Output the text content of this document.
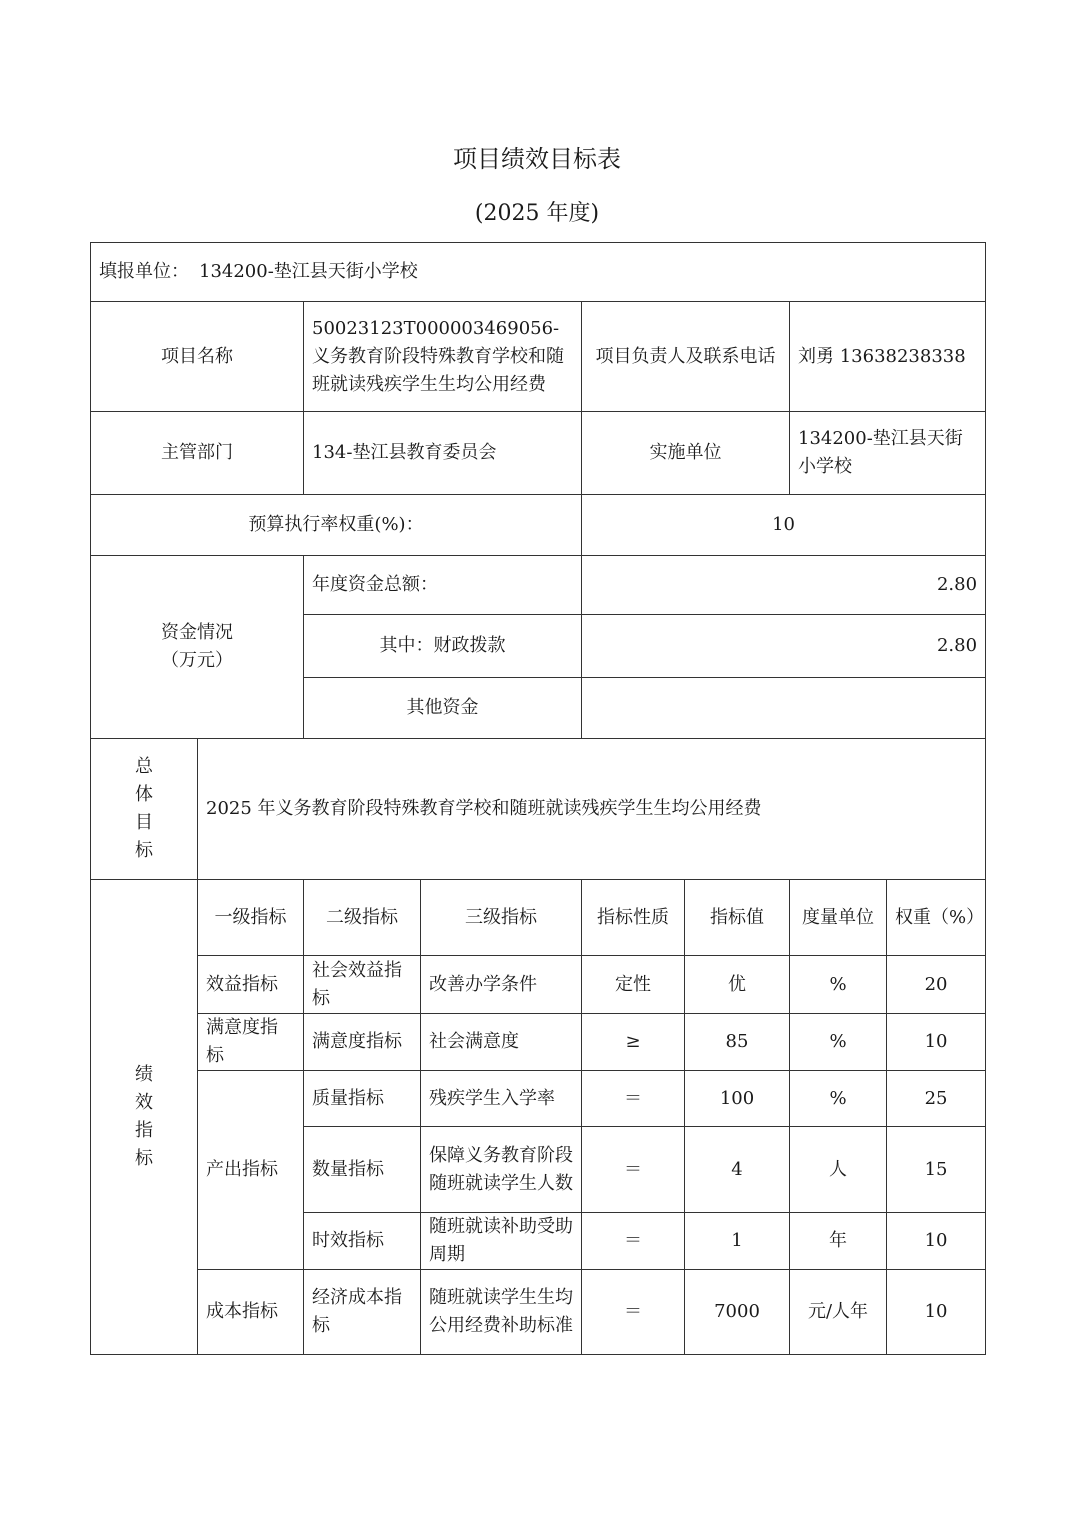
项目绩效目标表
(2025 年度)
填报单位： 134200-垫江县天街小学校							
项目名称		50023123T000003469056-义务教育阶段特殊教育学校和随班就读残疾学生生均公用经费		项目负责人及联系电话		刘勇 13638238338	
主管部门		134-垫江县教育委员会		实施单位		134200-垫江县天街小学校	
预算执行率权重(%)：				10			
资金情况（万元）		年度资金总额：		2.80			
		其中：财政拨款		2.80			
		其他资金					
总体目标	2025 年义务教育阶段特殊教育学校和随班就读残疾学生生均公用经费						
绩效指标	一级指标	二级指标	三级指标	指标性质	指标值	度量单位	权重（%）
	效益指标	社会效益指标	改善办学条件	定性	优	%	20
	满意度指标	满意度指标	社会满意度	≥	85	%	10
	产出指标	质量指标	残疾学生入学率	＝	100	%	25
		数量指标	保障义务教育阶段随班就读学生人数	＝	4	人	15
		时效指标	随班就读补助受助周期	＝	1	年	10
	成本指标	经济成本指标	随班就读学生生均公用经费补助标准	＝	7000	元/人年	10
